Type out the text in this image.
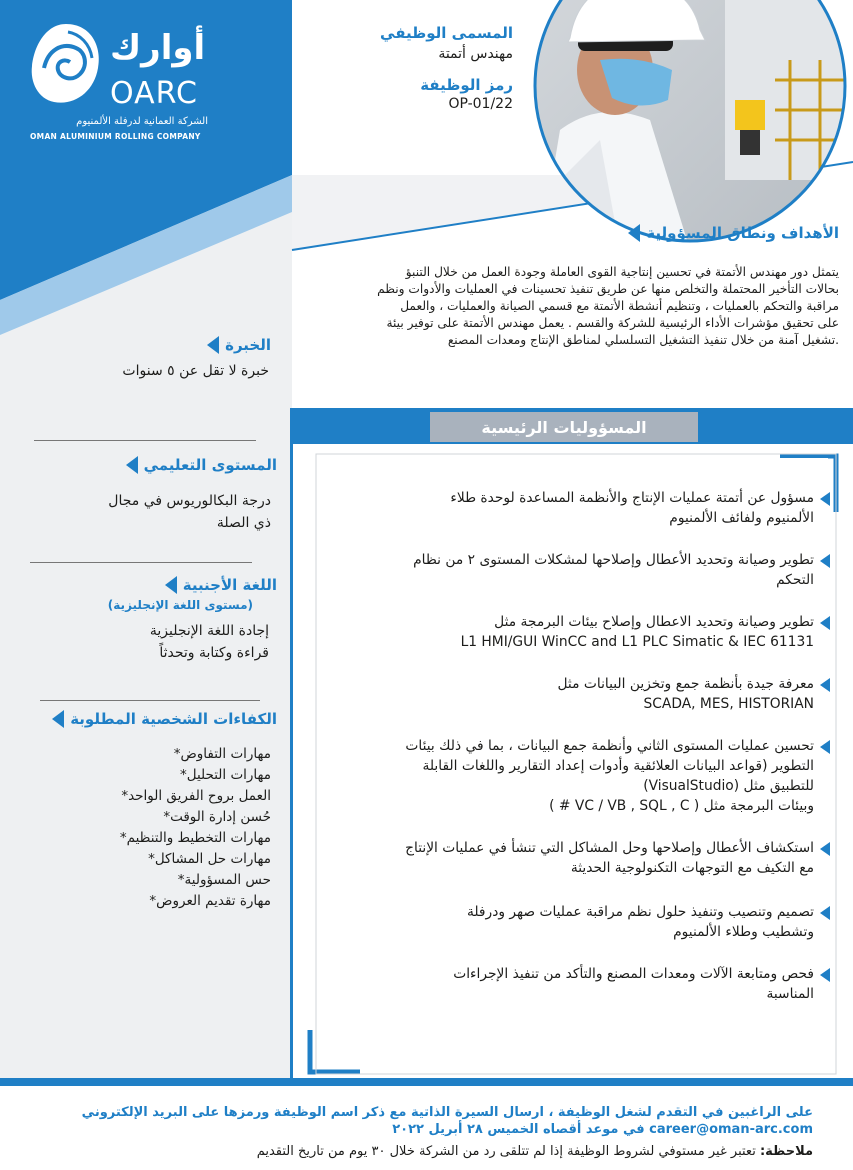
أوارك
OARC
الشركة العمانية لدرفلة الألمنيوم
OMAN ALUMINIUM ROLLING COMPANY
المسمى الوظيفي
مهندس أتمتة
رمز الوظيفة
OP-01/22
الأهداف ونطاق المسؤولية
يتمثل دور مهندس الأتمتة في تحسين إنتاجية القوى العاملة وجودة العمل من خلال التنبؤ
بحالات التأخير المحتملة والتخلص منها عن طريق تنفيذ تحسينات في العمليات والأدوات ونظم
مراقبة والتحكم بالعمليات ، وتنظيم أنشطة الأتمتة مع قسمي الصيانة والعمليات ، والعمل
على تحقيق مؤشرات الأداء الرئيسية للشركة والقسم . يعمل مهندس الأتمتة على توفير بيئة
.تشغيل آمنة من خلال تنفيذ التشغيل التسلسلي لمناطق الإنتاج ومعدات المصنع
الخبرة
خبرة لا تقل عن ٥ سنوات
المستوى التعليمي
درجة البكالوريوس في مجال
ذي الصلة
اللغة الأجنبية
(مستوى اللغة الإنجليزية)
إجادة اللغة الإنجليزية
قراءة وكتابة وتحدثاً
الكفاءات الشخصية المطلوبة
مهارات التفاوض*
مهارات التحليل*
العمل بروح الفريق الواحد*
حُسن إدارة الوقت*
مهارات التخطيط والتنظيم*
مهارات حل المشاكل*
حس المسؤولية*
مهارة تقديم العروض*
المسؤوليات الرئيسية
مسؤول عن أتمتة عمليات الإنتاج والأنظمة المساعدة لوحدة طلاء
الألمنيوم ولفائف الألمنيوم
تطوير وصيانة وتحديد الأعطال وإصلاحها لمشكلات المستوى ٢ من نظام
التحكم
تطوير وصيانة وتحديد الاعطال وإصلاح بيئات البرمجة مثل
L1 HMI/GUI WinCC and L1 PLC Simatic & IEC 61131
معرفة جيدة بأنظمة جمع وتخزين البيانات مثل
SCADA, MES, HISTORIAN
تحسين عمليات المستوى الثاني وأنظمة جمع البيانات ، بما في ذلك بيئات
التطوير (قواعد البيانات العلائقية وأدوات إعداد التقارير واللغات القابلة
للتطبيق مثل (VisualStudio)
وبيئات البرمجة مثل ( VC / VB , SQL , C # )
استكشاف الأعطال وإصلاحها وحل المشاكل التي تنشأ في عمليات الإنتاج
مع التكيف مع التوجهات التكنولوجية الحديثة
تصميم وتنصيب وتنفيذ حلول نظم مراقبة عمليات صهر ودرفلة
وتشطيب وطلاء الألمنيوم
فحص ومتابعة الآلات ومعدات المصنع والتأكد من تنفيذ الإجراءات
المناسبة
على الراغبين في التقدم لشغل الوظيفة ، ارسال السيرة الذاتية مع ذكر اسم الوظيفة ورمزها على البريد الإلكتروني
career@oman-arc.com في موعد أقصاه الخميس ٢٨ أبريل ٢٠٢٢
ملاحظة: تعتبر غير مستوفي لشروط الوظيفة إذا لم تتلقى رد من الشركة خلال ٣٠ يوم من تاريخ التقديم
